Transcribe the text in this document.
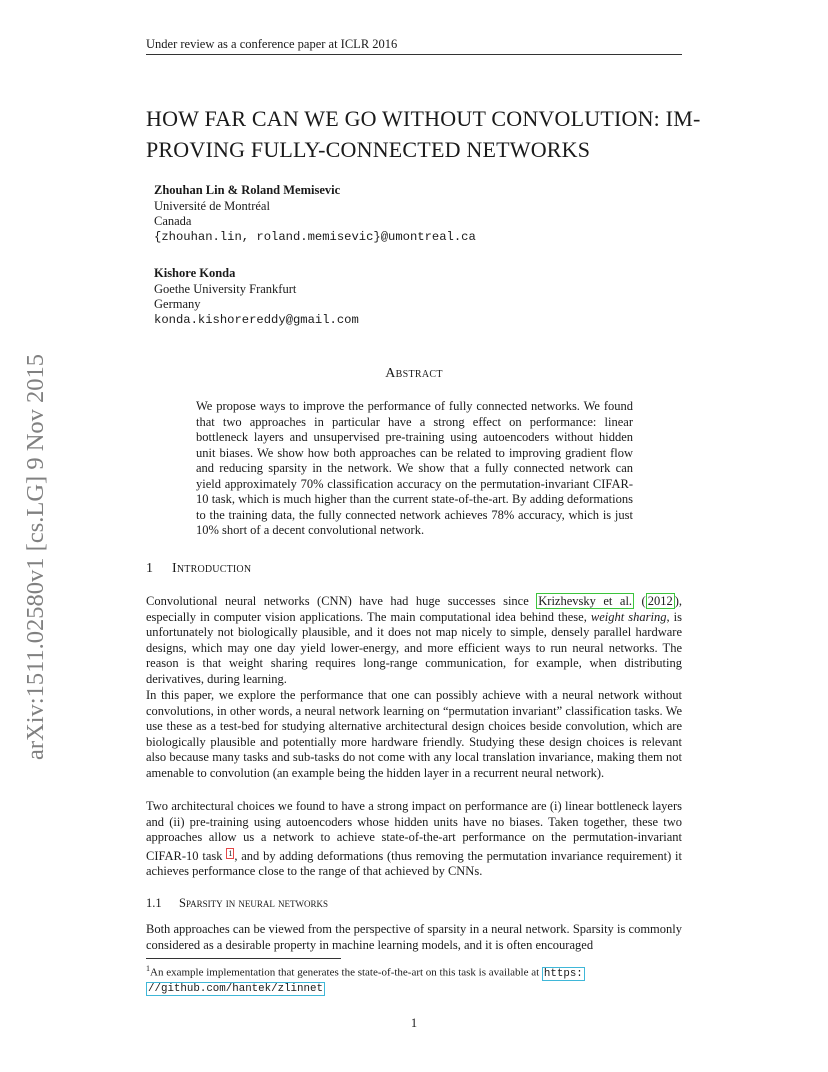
Under review as a conference paper at ICLR 2016
arXiv:1511.02580v1 [cs.LG] 9 Nov 2015
HOW FAR CAN WE GO WITHOUT CONVOLUTION: IM-
PROVING FULLY-CONNECTED NETWORKS
Zhouhan Lin & Roland Memisevic
Université de Montréal
Canada
{zhouhan.lin, roland.memisevic}@umontreal.ca
Kishore Konda
Goethe University Frankfurt
Germany
konda.kishorereddy@gmail.com
Abstract
We propose ways to improve the performance of fully connected networks. We found that two approaches in particular have a strong effect on performance: linear bottleneck layers and unsupervised pre-training using autoencoders without hidden unit biases. We show how both approaches can be related to improving gradient flow and reducing sparsity in the network. We show that a fully connected network can yield approximately 70% classification accuracy on the permutation-invariant CIFAR-10 task, which is much higher than the current state-of-the-art. By adding deformations to the training data, the fully connected network achieves 78% accuracy, which is just 10% short of a decent convolutional network.
1 Introduction
Convolutional neural networks (CNN) have had huge successes since Krizhevsky et al. ( 2012 ), especially in computer vision applications. The main computational idea behind these, weight sharing, is unfortunately not biologically plausible, and it does not map nicely to simple, densely parallel hardware designs, which may one day yield lower-energy, and more efficient ways to run neural networks. The reason is that weight sharing requires long-range communication, for example, when distributing derivatives, during learning.
In this paper, we explore the performance that one can possibly achieve with a neural network without convolutions, in other words, a neural network learning on “permutation invariant” classification tasks. We use these as a test-bed for studying alternative architectural design choices beside convolution, which are biologically plausible and potentially more hardware friendly. Studying these design choices is relevant also because many tasks and sub-tasks do not come with any local translation invariance, making them not amenable to convolution (an example being the hidden layer in a recurrent neural network).
Two architectural choices we found to have a strong impact on performance are (i) linear bottleneck layers and (ii) pre-training using autoencoders whose hidden units have no biases. Taken together, these two approaches allow us a network to achieve state-of-the-art performance on the permutation-invariant CIFAR-10 task $^1$ , and by adding deformations (thus removing the permutation invariance requirement) it achieves performance close to the range of that achieved by CNNs.
1.1 Sparsity in neural networks
Both approaches can be viewed from the perspective of sparsity in a neural network. Sparsity is commonly considered as a desirable property in machine learning models, and it is often encouraged
$^1$An example implementation that generates the state-of-the-art on this task is available at https:
//github.com/hantek/zlinnet
1
